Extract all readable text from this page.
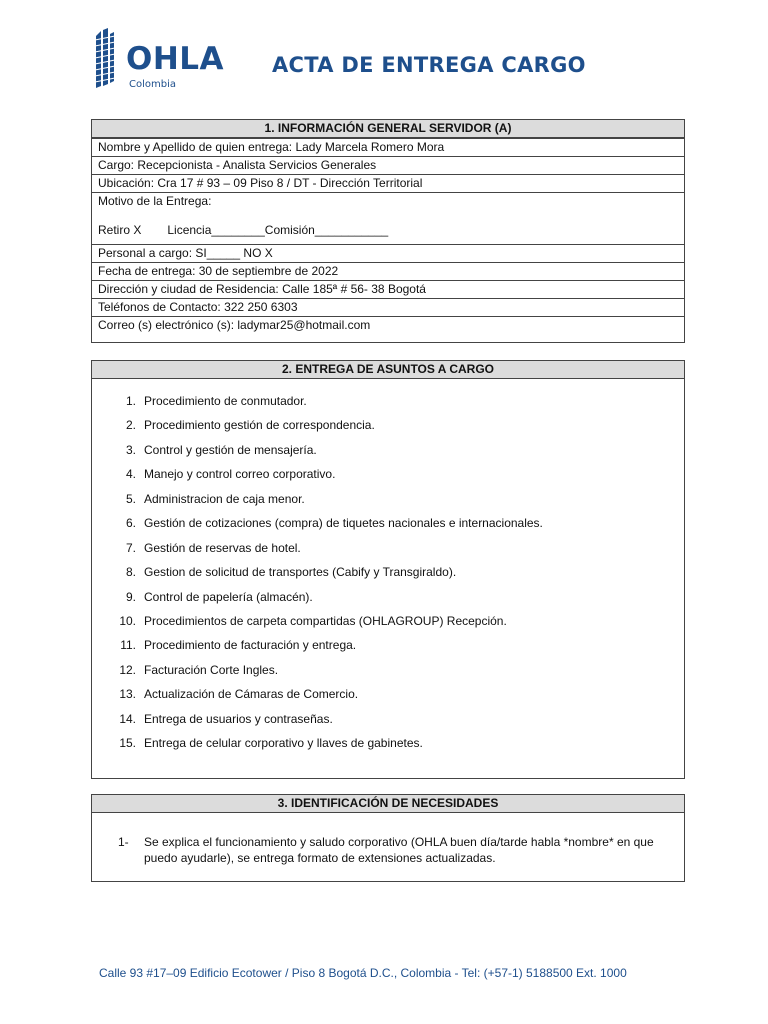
OHLA
Colombia
ACTA DE ENTREGA CARGO
1. INFORMACIÓN GENERAL SERVIDOR (A)
Nombre y Apellido de quien entrega: Lady Marcela Romero Mora
Cargo: Recepcionista - Analista Servicios Generales
Ubicación: Cra 17 # 93 – 09 Piso 8 / DT - Dirección Territorial
Motivo de la Entrega:
Retiro X Licencia________Comisión___________
Personal a cargo: SI_____ NO X
Fecha de entrega: 30 de septiembre de 2022
Dirección y ciudad de Residencia: Calle 185ª # 56- 38 Bogotá
Teléfonos de Contacto: 322 250 6303
Correo (s) electrónico (s): ladymar25@hotmail.com
2. ENTREGA DE ASUNTOS A CARGO
1. Procedimiento de conmutador.
2. Procedimiento gestión de correspondencia.
3. Control y gestión de mensajería.
4. Manejo y control correo corporativo.
5. Administracion de caja menor.
6. Gestión de cotizaciones (compra) de tiquetes nacionales e internacionales.
7. Gestión de reservas de hotel.
8. Gestion de solicitud de transportes (Cabify y Transgiraldo).
9. Control de papelería (almacén).
10. Procedimientos de carpeta compartidas (OHLAGROUP) Recepción.
11. Procedimiento de facturación y entrega.
12. Facturación Corte Ingles.
13. Actualización de Cámaras de Comercio.
14. Entrega de usuarios y contraseñas.
15. Entrega de celular corporativo y llaves de gabinetes.
3. IDENTIFICACIÓN DE NECESIDADES
1- Se explica el funcionamiento y saludo corporativo (OHLA buen día/tarde habla *nombre* en que puedo ayudarle), se entrega formato de extensiones actualizadas.
Calle 93 #17–09 Edificio Ecotower / Piso 8 Bogotá D.C., Colombia - Tel: (+57-1) 5188500 Ext. 1000
